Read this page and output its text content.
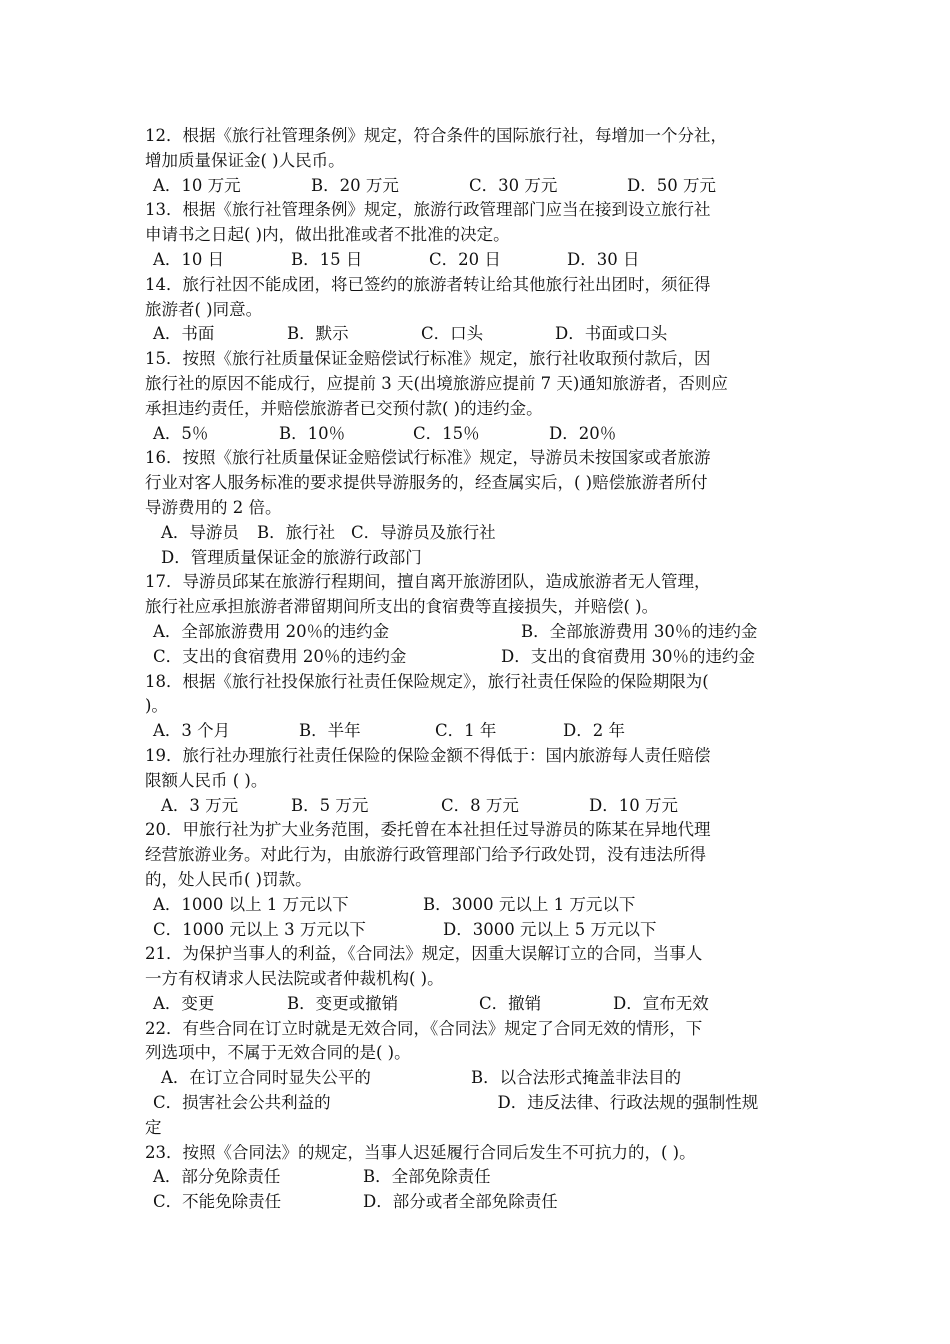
12．根据《旅行社管理条例》规定，符合条件的国际旅行社，每增加一个分社，
增加质量保证金( )人民币。
A．10 万元	B．20 万元	C．30 万元	D．50 万元
13．根据《旅行社管理条例》规定，旅游行政管理部门应当在接到设立旅行社
申请书之日起( )内，做出批准或者不批准的决定。
A．10 日	B．15 日	C．20 日	D．30 日
14．旅行社因不能成团，将已签约的旅游者转让给其他旅行社出团时，须征得
旅游者( )同意。
A．书面	B．默示	C．口头	D．书面或口头
15．按照《旅行社质量保证金赔偿试行标准》规定，旅行社收取预付款后，因
旅行社的原因不能成行，应提前 3 天(出境旅游应提前 7 天)通知旅游者，否则应
承担违约责任，并赔偿旅游者已交预付款( )的违约金。
A．5％	B．10％	C．15％	D．20％
16．按照《旅行社质量保证金赔偿试行标准》规定，导游员未按国家或者旅游
行业对客人服务标准的要求提供导游服务的，经查属实后，( )赔偿旅游者所付
导游费用的 2 倍。
A．导游员	B．旅行社 C．导游员及旅行社
D．管理质量保证金的旅游行政部门
17．导游员邱某在旅游行程期间，擅自离开旅游团队，造成旅游者无人管理，
旅行社应承担旅游者滞留期间所支出的食宿费等直接损失，并赔偿( )。
A．全部旅游费用 20％的违约金	B．全部旅游费用 30％的违约金
C．支出的食宿费用 20％的违约金	D．支出的食宿费用 30％的违约金
18．根据《旅行社投保旅行社责任保险规定》，旅行社责任保险的保险期限为(
)。
A．3 个月	B．半年	C．1 年	D．2 年
19．旅行社办理旅行社责任保险的保险金额不得低于：国内旅游每人责任赔偿
限额人民币 ( )。
A．3 万元	B．5 万元	C．8 万元	D．10 万元
20．甲旅行社为扩大业务范围，委托曾在本社担任过导游员的陈某在异地代理
经营旅游业务。对此行为，由旅游行政管理部门给予行政处罚，没有违法所得
的，处人民币( )罚款。
A．1000 以上 1 万元以下	B．3000 元以上 1 万元以下
C．1000 元以上 3 万元以下	D．3000 元以上 5 万元以下
21．为保护当事人的利益，《合同法》规定，因重大误解订立的合同，当事人
一方有权请求人民法院或者仲裁机构( )。
A．变更	B．变更或撤销	C．撤销	D．宣布无效
22．有些合同在订立时就是无效合同，《合同法》规定了合同无效的情形，下
列选项中，不属于无效合同的是( )。
A．在订立合同时显失公平的	B．以合法形式掩盖非法目的
C．损害社会公共利益的	D．违反法律、行政法规的强制性规
定
23．按照《合同法》的规定，当事人迟延履行合同后发生不可抗力的，( )。
A．部分免除责任	B．全部免除责任
C．不能免除责任	D．部分或者全部免除责任
